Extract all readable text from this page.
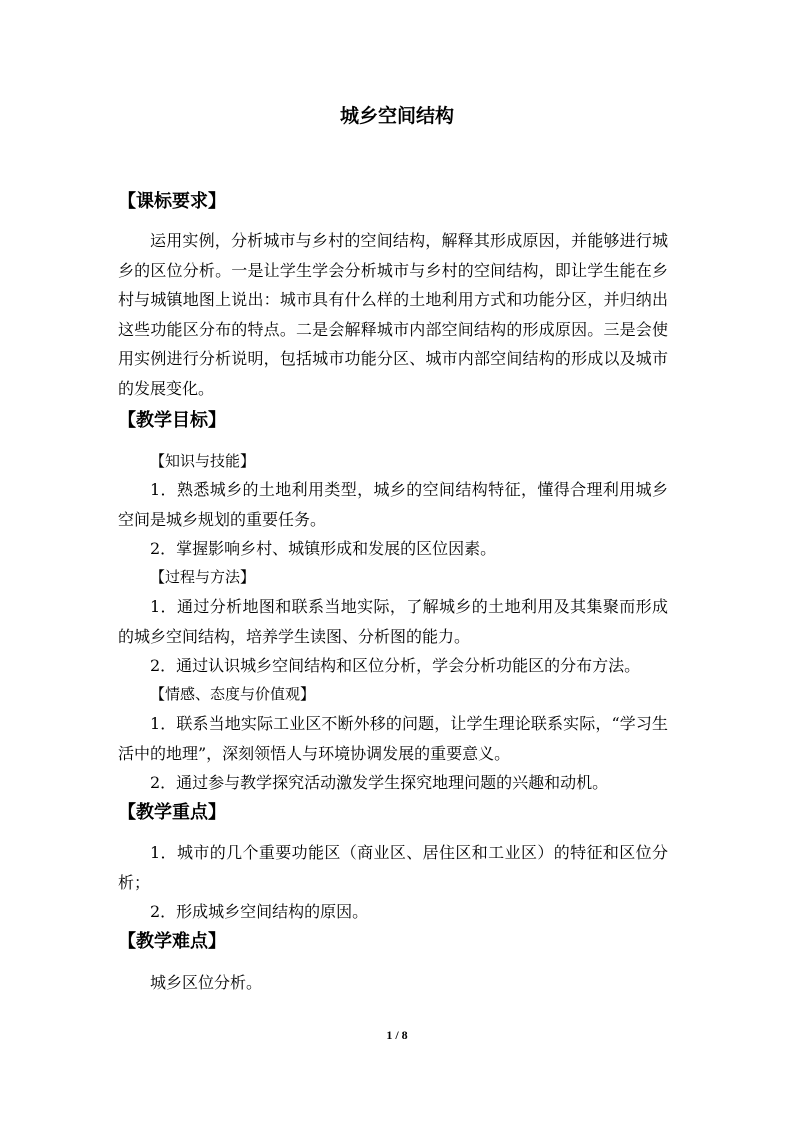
城乡空间结构
【课标要求】
运用实例，分析城市与乡村的空间结构，解释其形成原因，并能够进行城乡的区位分析。一是让学生学会分析城市与乡村的空间结构，即让学生能在乡村与城镇地图上说出：城市具有什么样的土地利用方式和功能分区，并归纳出这些功能区分布的特点。二是会解释城市内部空间结构的形成原因。三是会使用实例进行分析说明，包括城市功能分区、城市内部空间结构的形成以及城市的发展变化。
【教学目标】
【知识与技能】
1．熟悉城乡的土地利用类型，城乡的空间结构特征，懂得合理利用城乡空间是城乡规划的重要任务。
2．掌握影响乡村、城镇形成和发展的区位因素。
【过程与方法】
1．通过分析地图和联系当地实际，了解城乡的土地利用及其集聚而形成的城乡空间结构，培养学生读图、分析图的能力。
2．通过认识城乡空间结构和区位分析，学会分析功能区的分布方法。
【情感、态度与价值观】
1．联系当地实际工业区不断外移的问题，让学生理论联系实际，“学习生活中的地理”，深刻领悟人与环境协调发展的重要意义。
2．通过参与教学探究活动激发学生探究地理问题的兴趣和动机。
【教学重点】
1．城市的几个重要功能区（商业区、居住区和工业区）的特征和区位分析；
2．形成城乡空间结构的原因。
【教学难点】
城乡区位分析。
1 / 8
